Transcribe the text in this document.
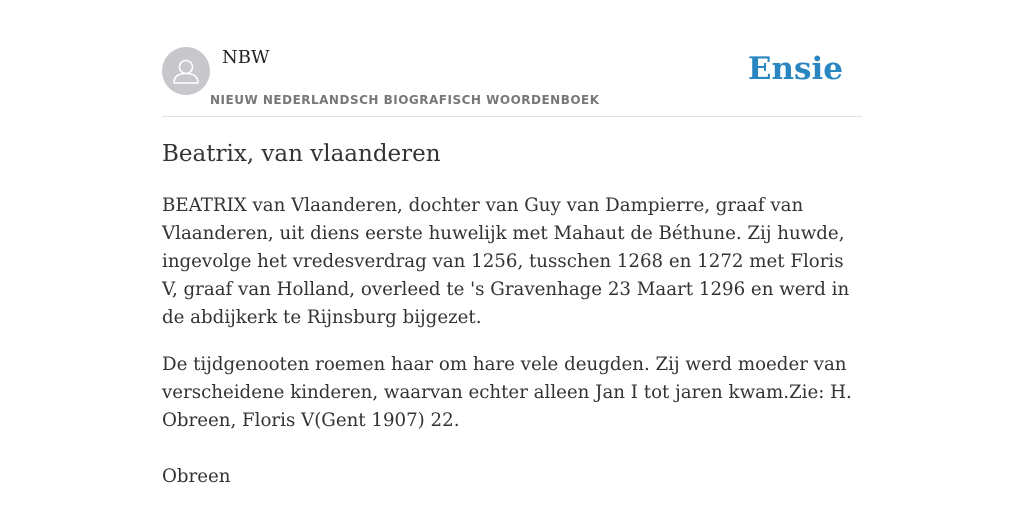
NBW
NIEUW NEDERLANDSCH BIOGRAFISCH WOORDENBOEK
Ensie
Beatrix, van vlaanderen

BEATRIX van Vlaanderen, dochter van Guy van Dampierre, graaf van Vlaanderen, uit diens eerste huwelijk met Mahaut de Béthune. Zij huwde, ingevolge het vredesverdrag van 1256, tusschen 1268 en 1272 met Floris V, graaf van Holland, overleed te 's Gravenhage 23 Maart 1296 en werd in de abdijkerk te Rijnsburg bijgezet.

De tijdgenooten roemen haar om hare vele deugden. Zij werd moeder van verscheidene kinderen, waarvan echter alleen Jan I tot jaren kwam.Zie: H. Obreen, Floris V(Gent 1907) 22.

Obreen
